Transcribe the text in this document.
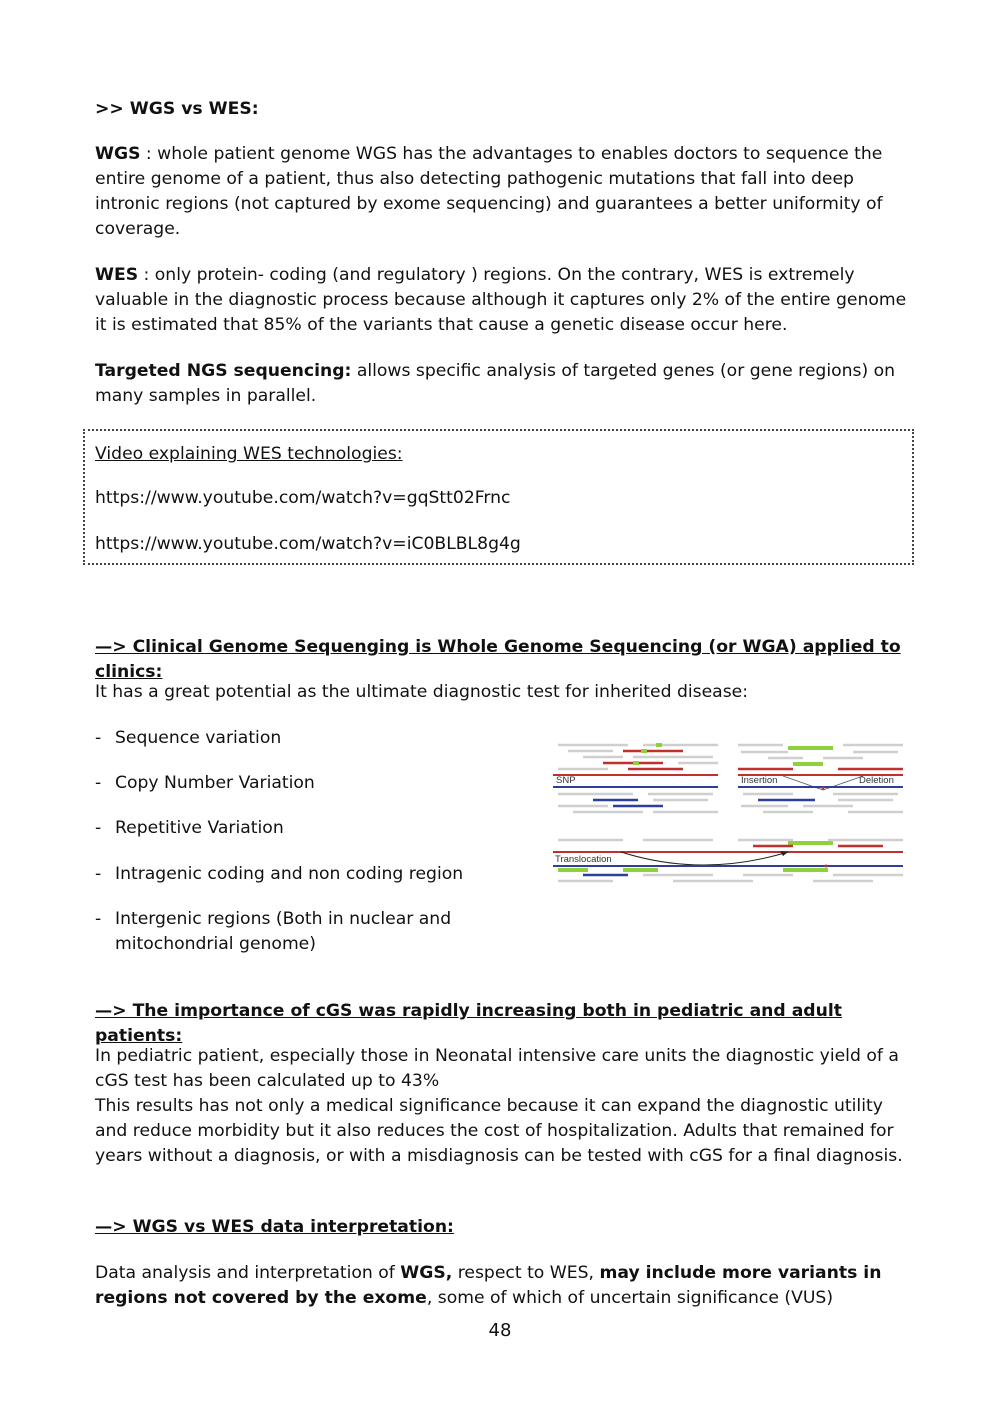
>> WGS vs WES:

WGS : whole patient genome WGS has the advantages to enables doctors to sequence the entire genome of a patient, thus also detecting pathogenic mutations that fall into deep intronic regions (not captured by exome sequencing) and guarantees a better uniformity of coverage.

WES : only protein- coding (and regulatory ) regions. On the contrary, WES is extremely valuable in the diagnostic process because although it captures only 2% of the entire genome it is estimated that 85% of the variants that cause a genetic disease occur here.

Targeted NGS sequencing: allows specific analysis of targeted genes (or gene regions) on many samples in parallel.

Video explaining WES technologies:
https://www.youtube.com/watch?v=gqStt02Frnc
https://www.youtube.com/watch?v=iC0BLBL8g4g

—> Clinical Genome Sequenging is Whole Genome Sequencing (or WGA) applied to clinics:

It has a great potential as the ultimate diagnostic test for inherited disease:

- Sequence variation
- Copy Number Variation
- Repetitive Variation
- Intragenic coding and non coding region
- Intergenic regions (Both in nuclear and mitochondrial genome)
SNP	Insertion	Deletion
Translocation

—> The importance of cGS was rapidly increasing both in pediatric and adult patients:

In pediatric patient, especially those in Neonatal intensive care units the diagnostic yield of a cGS test has been calculated up to 43%

This results has not only a medical significance because it can expand the diagnostic utility and reduce morbidity but it also reduces the cost of hospitalization. Adults that remained for years without a diagnosis, or with a misdiagnosis can be tested with cGS for a final diagnosis.

—> WGS vs WES data interpretation:

Data analysis and interpretation of WGS, respect to WES, may include more variants in regions not covered by the exome, some of which of uncertain significance (VUS)

48
